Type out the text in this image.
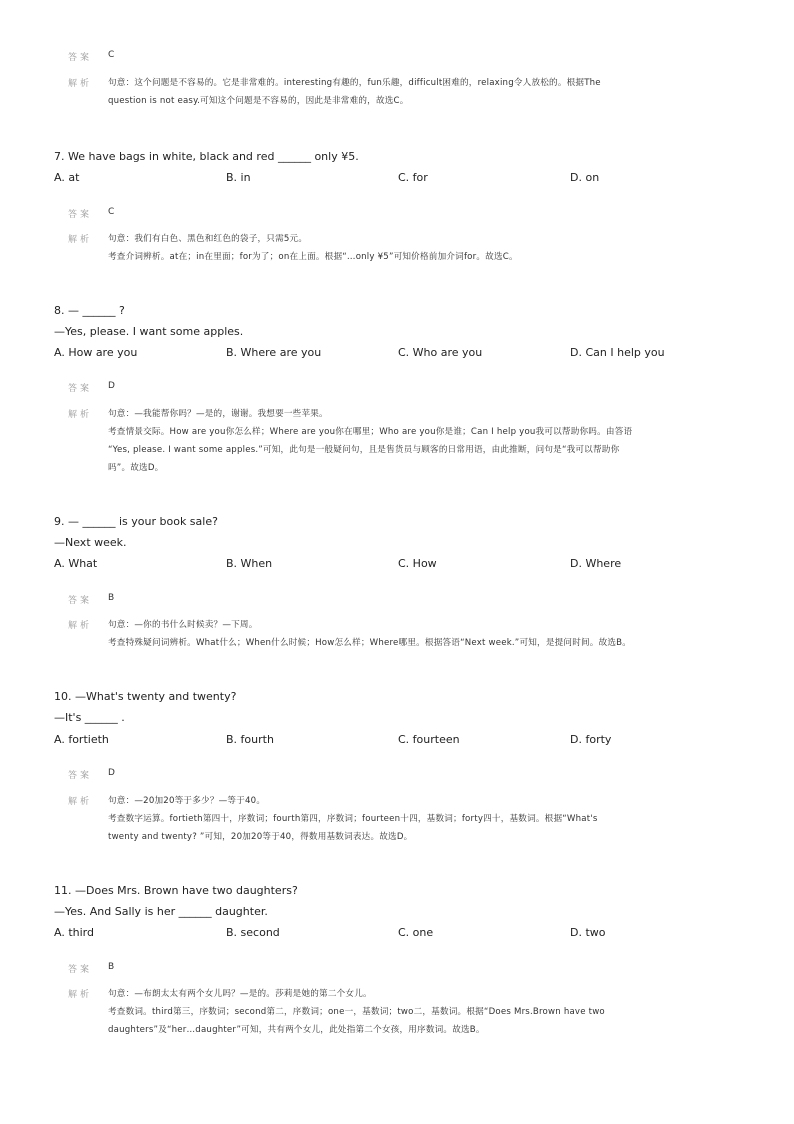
答案 C
解析 句意：这个问题是不容易的。它是非常难的。interesting有趣的，fun乐趣，difficult困难的，relaxing令人放松的。根据The
question is not easy.可知这个问题是不容易的，因此是非常难的，故选C。
7. We have bags in white, black and red ______ only ¥5.
A. at	B. in	C. for	D. on
答案 C
解析 句意：我们有白色、黑色和红色的袋子，只需5元。
考查介词辨析。at在；in在里面；for为了；on在上面。根据“…only ¥5”可知价格前加介词for。故选C。
8. — ______ ?
—Yes, please. I want some apples.
A. How are you	B. Where are you	C. Who are you	D. Can I help you
答案 D
解析 句意：—我能帮你吗？—是的，谢谢。我想要一些苹果。
考查情景交际。How are you你怎么样；Where are you你在哪里；Who are you你是谁；Can I help you我可以帮助你吗。由答语
“Yes, please. I want some apples.”可知，此句是一般疑问句，且是售货员与顾客的日常用语，由此推断，问句是“我可以帮助你
吗”。故选D。
9. — ______ is your book sale?
—Next week.
A. What	B. When	C. How	D. Where
答案 B
解析 句意：—你的书什么时候卖？—下周。
考查特殊疑问词辨析。What什么；When什么时候；How怎么样；Where哪里。根据答语“Next week.”可知，是提问时间。故选B。
10. —What's twenty and twenty?
—It's ______ .
A. fortieth	B. fourth	C. fourteen	D. forty
答案 D
解析 句意：—20加20等于多少？—等于40。
考查数字运算。fortieth第四十，序数词；fourth第四，序数词；fourteen十四，基数词；forty四十，基数词。根据“What's
twenty and twenty? ”可知，20加20等于40，得数用基数词表达。故选D。
11. —Does Mrs. Brown have two daughters?
—Yes. And Sally is her ______ daughter.
A. third	B. second	C. one	D. two
答案 B
解析 句意：—布朗太太有两个女儿吗？—是的。莎莉是她的第二个女儿。
考查数词。third第三，序数词；second第二，序数词；one一，基数词；two二，基数词。根据“Does Mrs.Brown have two
daughters”及“her…daughter”可知，共有两个女儿，此处指第二个女孩，用序数词。故选B。
